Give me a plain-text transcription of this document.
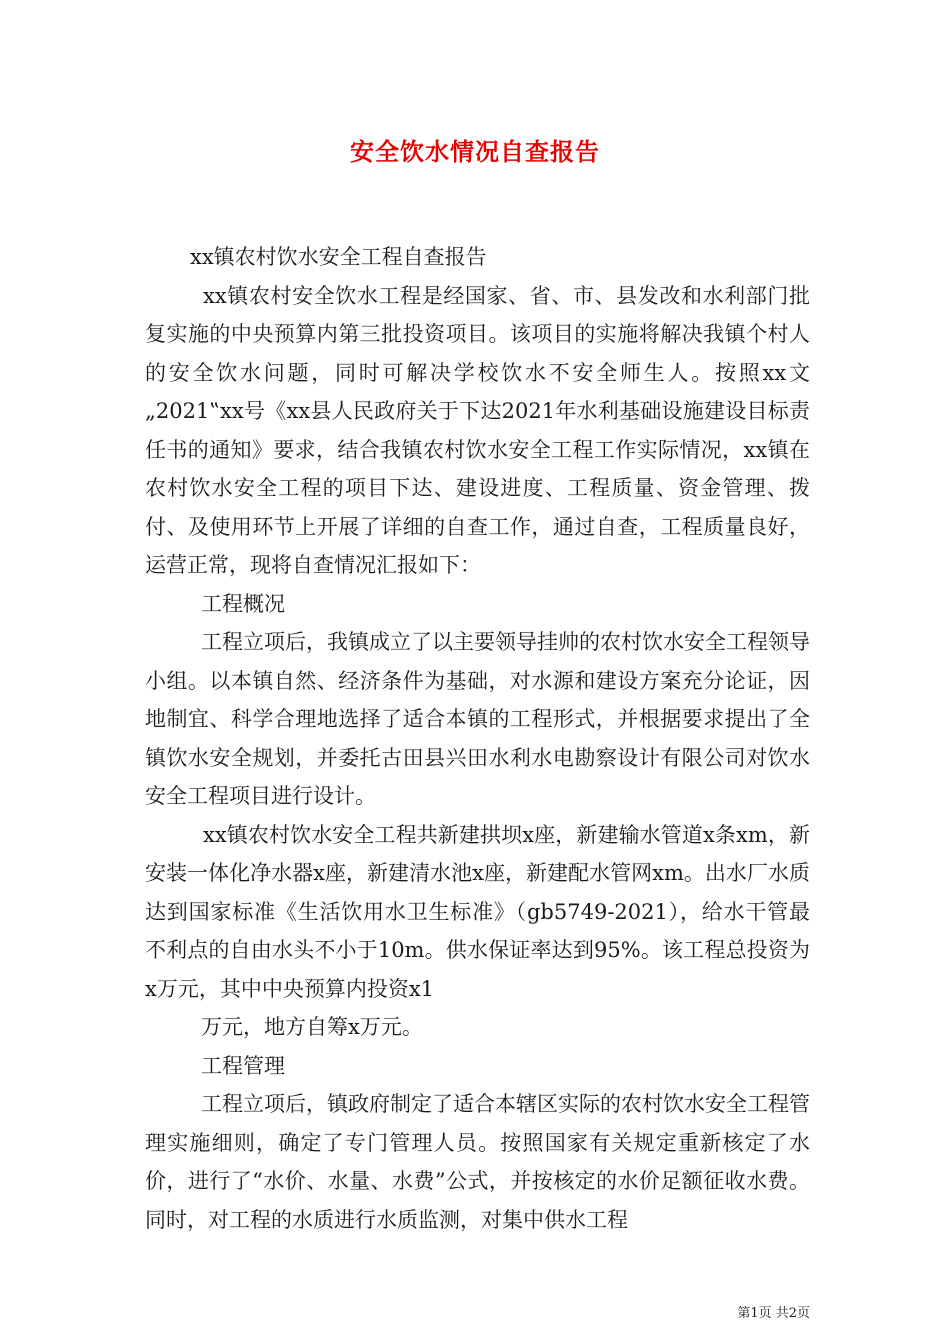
安全饮水情况自查报告

xx镇农村饮水安全工程自查报告

xx镇农村安全饮水工程是经国家、省、市、县发改和水利部门批复实施的中央预算内第三批投资项目。该项目的实施将解决我镇个村人的安全饮水问题，同时可解决学校饮水不安全师生人。按照xx文„2021‟xx号《xx县人民政府关于下达2021年水利基础设施建设目标责任书的通知》要求，结合我镇农村饮水安全工程工作实际情况，xx镇在农村饮水安全工程的项目下达、建设进度、工程质量、资金管理、拨付、及使用环节上开展了详细的自查工作，通过自查，工程质量良好，运营正常，现将自查情况汇报如下：

工程概况

工程立项后，我镇成立了以主要领导挂帅的农村饮水安全工程领导小组。以本镇自然、经济条件为基础，对水源和建设方案充分论证，因地制宜、科学合理地选择了适合本镇的工程形式，并根据要求提出了全镇饮水安全规划，并委托古田县兴田水利水电勘察设计有限公司对饮水安全工程项目进行设计。

xx镇农村饮水安全工程共新建拱坝x座，新建输水管道x条xm，新安装一体化净水器x座，新建清水池x座，新建配水管网xm。出水厂水质达到国家标准《生活饮用水卫生标准》（gb5749-2021），给水干管最不利点的自由水头不小于10m。供水保证率达到95%。该工程总投资为x万元，其中中央预算内投资x1

万元，地方自筹x万元。

工程管理

工程立项后，镇政府制定了适合本辖区实际的农村饮水安全工程管理实施细则，确定了专门管理人员。按照国家有关规定重新核定了水价，进行了“水价、水量、水费”公式，并按核定的水价足额征收水费。同时，对工程的水质进行水质监测，对集中供水工程

第1页 共2页
